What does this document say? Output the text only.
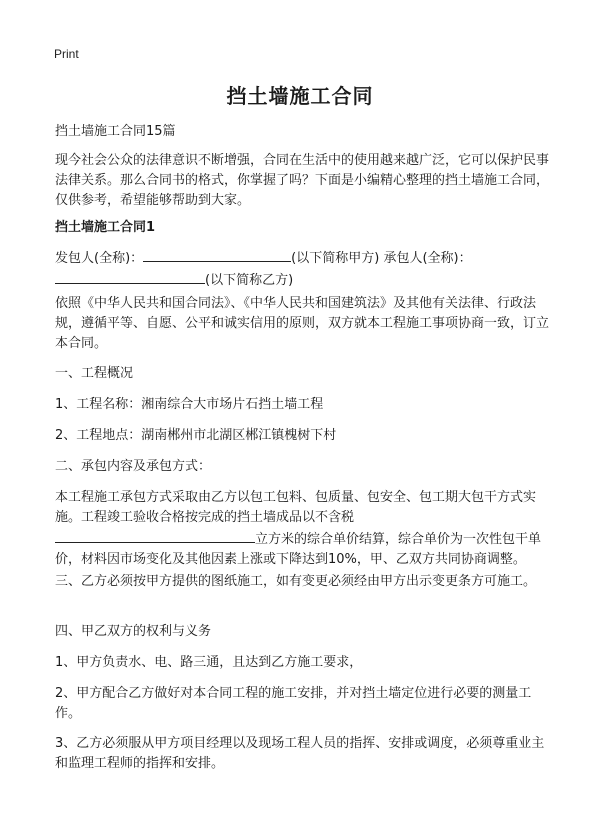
Print
挡土墙施工合同
挡土墙施工合同15篇
现今社会公众的法律意识不断增强，合同在生活中的使用越来越广泛，它可以保护民事法律关系。那么合同书的格式，你掌握了吗？下面是小编精心整理的挡土墙施工合同，仅供参考，希望能够帮助到大家。
挡土墙施工合同1
发包人(全称)：	(以下简称甲方) 承包人(全称)：
(以下简称乙方)
依照《中华人民共和国合同法》、《中华人民共和国建筑法》及其他有关法律、行政法规，遵循平等、自愿、公平和诚实信用的原则，双方就本工程施工事项协商一致，订立本合同。
一、工程概况
1、工程名称：湘南综合大市场片石挡土墙工程
2、工程地点：湖南郴州市北湖区郴江镇槐树下村
二、承包内容及承包方式：
本工程施工承包方式采取由乙方以包工包料、包质量、包安全、包工期大包干方式实施。工程竣工验收合格按完成的挡土墙成品以不含税
立方米的综合单价结算，综合单价为一次性包干单价，材料因市场变化及其他因素上涨或下降达到10%，甲、乙双方共同协商调整。
三、乙方必须按甲方提供的图纸施工，如有变更必须经由甲方出示变更条方可施工。
四、甲乙双方的权利与义务
1、甲方负责水、电、路三通，且达到乙方施工要求，
2、甲方配合乙方做好对本合同工程的施工安排，并对挡土墙定位进行必要的测量工作。
3、乙方必须服从甲方项目经理以及现场工程人员的指挥、安排或调度，必须尊重业主和监理工程师的指挥和安排。
